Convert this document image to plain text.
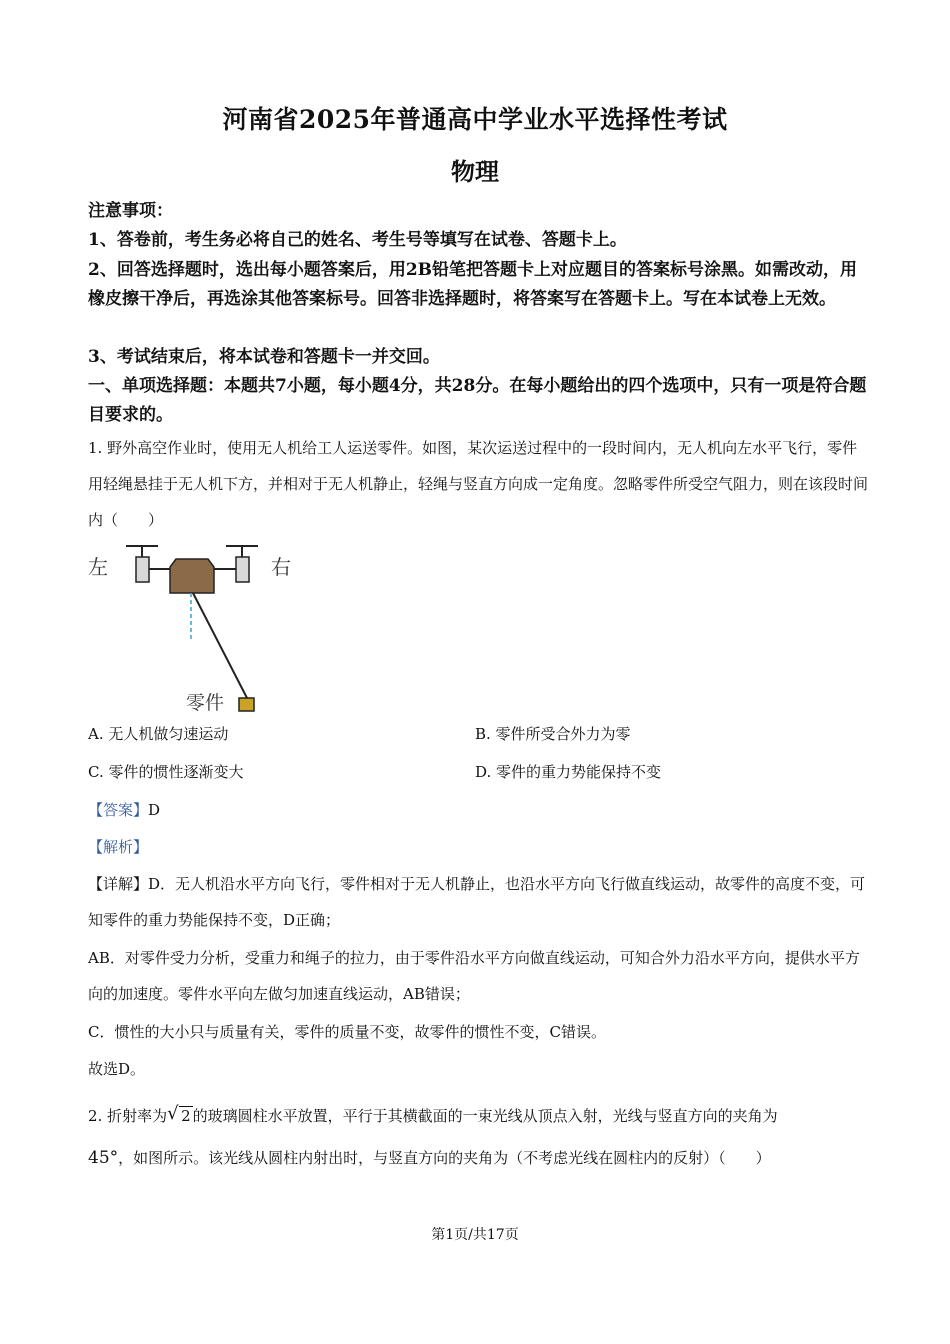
河南省2025年普通高中学业水平选择性考试
物理
注意事项：
1、答卷前，考生务必将自己的姓名、考生号等填写在试卷、答题卡上。
2、回答选择题时，选出每小题答案后，用2B铅笔把答题卡上对应题目的答案标号涂黑。如需改动，用橡皮擦干净后，再选涂其他答案标号。回答非选择题时，将答案写在答题卡上。写在本试卷上无效。
3、考试结束后，将本试卷和答题卡一并交回。
一、单项选择题：本题共7小题，每小题4分，共28分。在每小题给出的四个选项中，只有一项是符合题目要求的。
1. 野外高空作业时，使用无人机给工人运送零件。如图，某次运送过程中的一段时间内，无人机向左水平飞行，零件用轻绳悬挂于无人机下方，并相对于无人机静止，轻绳与竖直方向成一定角度。忽略零件所受空气阻力，则在该段时间内（　　）
左	右
零件
A. 无人机做匀速运动	B. 零件所受合外力为零
C. 零件的惯性逐渐变大	D. 零件的重力势能保持不变
【答案】D
【解析】
【详解】D．无人机沿水平方向飞行，零件相对于无人机静止，也沿水平方向飞行做直线运动，故零件的高度不变，可知零件的重力势能保持不变，D正确；
AB．对零件受力分析，受重力和绳子的拉力，由于零件沿水平方向做直线运动，可知合外力沿水平方向，提供水平方向的加速度。零件水平向左做匀加速直线运动，AB错误；
C．惯性的大小只与质量有关，零件的质量不变，故零件的惯性不变，C错误。
故选D。
2. 折射率为 √ 2 的玻璃圆柱水平放置，平行于其横截面的一束光线从顶点入射，光线与竖直方向的夹角为
45°，如图所示。该光线从圆柱内射出时，与竖直方向的夹角为（不考虑光线在圆柱内的反射）（　　）
第1页/共17页
